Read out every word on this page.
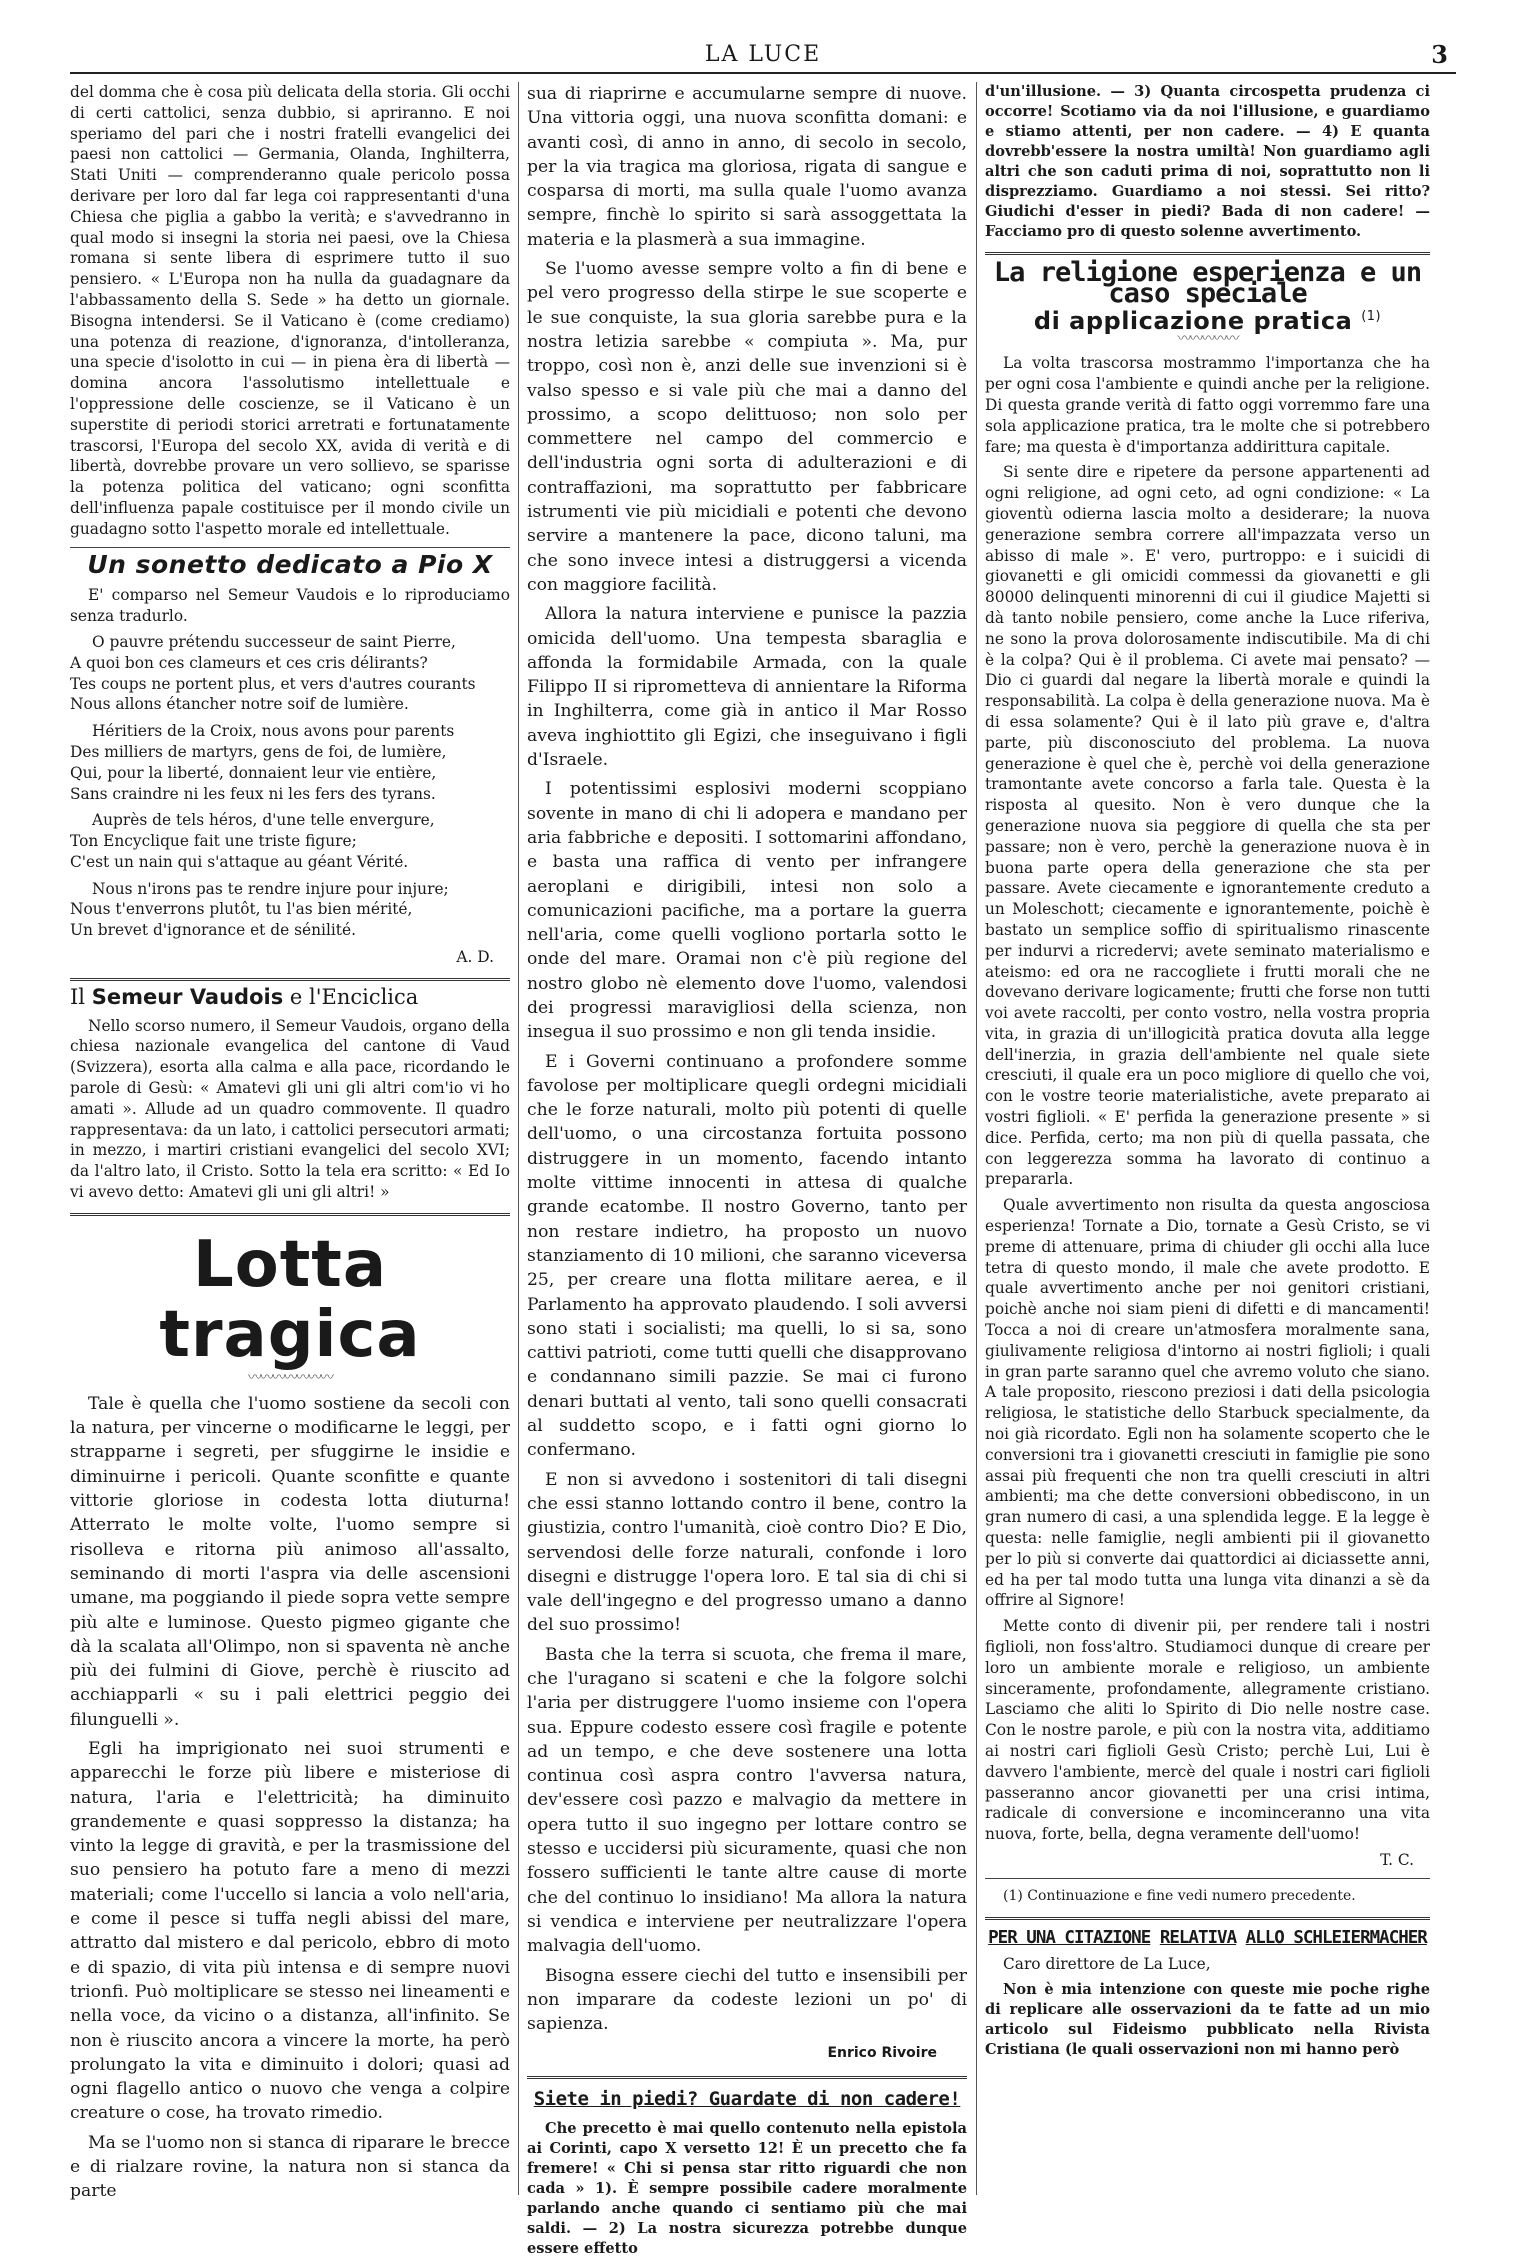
LA LUCE	3

del domma che è cosa più delicata della storia. Gli occhi di certi cattolici, senza dubbio, si apriranno. E noi speriamo del pari che i nostri fratelli evangelici dei paesi non cattolici — Germania, Olanda, Inghilterra, Stati Uniti — comprenderanno quale pericolo possa derivare per loro dal far lega coi rappresentanti d'una Chiesa che piglia a gabbo la verità; e s'avvedranno in qual modo si insegni la storia nei paesi, ove la Chiesa romana si sente libera di esprimere tutto il suo pensiero. « L'Europa non ha nulla da guadagnare da l'abbassamento della S. Sede » ha detto un giornale. Bisogna intendersi. Se il Vaticano è (come crediamo) una potenza di reazione, d'ignoranza, d'intolleranza, una specie d'isolotto in cui — in piena èra di libertà — domina ancora l'assolutismo intellettuale e l'oppressione delle coscienze, se il Vaticano è un superstite di periodi storici arretrati e fortunatamente trascorsi, l'Europa del secolo XX, avida di verità e di libertà, dovrebbe provare un vero sollievo, se sparisse la potenza politica del vaticano; ogni sconfitta dell'influenza papale costituisce per il mondo civile un guadagno sotto l'aspetto morale ed intellettuale.

Un sonetto dedicato a Pio X

E' comparso nel Semeur Vaudois e lo riproduciamo senza tradurlo.

O pauvre prétendu successeur de saint Pierre,
A quoi bon ces clameurs et ces cris délirants?
Tes coups ne portent plus, et vers d'autres courants
Nous allons étancher notre soif de lumière.
Héritiers de la Croix, nous avons pour parents
Des milliers de martyrs, gens de foi, de lumière,
Qui, pour la liberté, donnaient leur vie entière,
Sans craindre ni les feux ni les fers des tyrans.
Auprès de tels héros, d'une telle envergure,
Ton Encyclique fait une triste figure;
C'est un nain qui s'attaque au géant Vérité.
Nous n'irons pas te rendre injure pour injure;
Nous t'enverrons plutôt, tu l'as bien mérité,
Un brevet d'ignorance et de sénilité.

A. D.

Il Semeur Vaudois e l'Enciclica

Nello scorso numero, il Semeur Vaudois, organo della chiesa nazionale evangelica del cantone di Vaud (Svizzera), esorta alla calma e alla pace, ricordando le parole di Gesù: « Amatevi gli uni gli altri com'io vi ho amati ». Allude ad un quadro commovente. Il quadro rappresentava: da un lato, i cattolici persecutori armati; in mezzo, i martiri cristiani evangelici del secolo XVI; da l'altro lato, il Cristo. Sotto la tela era scritto: « Ed Io vi avevo detto: Amatevi gli uni gli altri! »

Lotta tragica
〰〰〰〰〰〰〰

Tale è quella che l'uomo sostiene da secoli con la natura, per vincerne o modificarne le leggi, per strapparne i segreti, per sfuggirne le insidie e diminuirne i pericoli. Quante sconfitte e quante vittorie gloriose in codesta lotta diuturna! Atterrato le molte volte, l'uomo sempre si risolleva e ritorna più animoso all'assalto, seminando di morti l'aspra via delle ascensioni umane, ma poggiando il piede sopra vette sempre più alte e luminose. Questo pigmeo gigante che dà la scalata all'Olimpo, non si spaventa nè anche più dei fulmini di Giove, perchè è riuscito ad acchiapparli « su i pali elettrici peggio dei filunguelli ».

Egli ha imprigionato nei suoi strumenti e apparecchi le forze più libere e misteriose di natura, l'aria e l'elettricità; ha diminuito grandemente e quasi soppresso la distanza; ha vinto la legge di gravità, e per la trasmissione del suo pensiero ha potuto fare a meno di mezzi materiali; come l'uccello si lancia a volo nell'aria, e come il pesce si tuffa negli abissi del mare, attratto dal mistero e dal pericolo, ebbro di moto e di spazio, di vita più intensa e di sempre nuovi trionfi. Può moltiplicare se stesso nei lineamenti e nella voce, da vicino o a distanza, all'infinito. Se non è riuscito ancora a vincere la morte, ha però prolungato la vita e diminuito i dolori; quasi ad ogni flagello antico o nuovo che venga a colpire creature o cose, ha trovato rimedio.

Ma se l'uomo non si stanca di riparare le brecce e di rialzare rovine, la natura non si stanca da parte

sua di riaprirne e accumularne sempre di nuove. Una vittoria oggi, una nuova sconfitta domani: e avanti così, di anno in anno, di secolo in secolo, per la via tragica ma gloriosa, rigata di sangue e cosparsa di morti, ma sulla quale l'uomo avanza sempre, finchè lo spirito si sarà assoggettata la materia e la plasmerà a sua immagine.

Se l'uomo avesse sempre volto a fin di bene e pel vero progresso della stirpe le sue scoperte e le sue conquiste, la sua gloria sarebbe pura e la nostra letizia sarebbe « compiuta ». Ma, pur troppo, così non è, anzi delle sue invenzioni si è valso spesso e si vale più che mai a danno del prossimo, a scopo delittuoso; non solo per commettere nel campo del commercio e dell'industria ogni sorta di adulterazioni e di contraffazioni, ma soprattutto per fabbricare istrumenti vie più micidiali e potenti che devono servire a mantenere la pace, dicono taluni, ma che sono invece intesi a distruggersi a vicenda con maggiore facilità.

Allora la natura interviene e punisce la pazzia omicida dell'uomo. Una tempesta sbaraglia e affonda la formidabile Armada, con la quale Filippo II si riprometteva di annientare la Riforma in Inghilterra, come già in antico il Mar Rosso aveva inghiottito gli Egizi, che inseguivano i figli d'Israele.

I potentissimi esplosivi moderni scoppiano sovente in mano di chi li adopera e mandano per aria fabbriche e depositi. I sottomarini affondano, e basta una raffica di vento per infrangere aeroplani e dirigibili, intesi non solo a comunicazioni pacifiche, ma a portare la guerra nell'aria, come quelli vogliono portarla sotto le onde del mare. Oramai non c'è più regione del nostro globo nè elemento dove l'uomo, valendosi dei progressi maravigliosi della scienza, non insegua il suo prossimo e non gli tenda insidie.

E i Governi continuano a profondere somme favolose per moltiplicare quegli ordegni micidiali che le forze naturali, molto più potenti di quelle dell'uomo, o una circostanza fortuita possono distruggere in un momento, facendo intanto molte vittime innocenti in attesa di qualche grande ecatombe. Il nostro Governo, tanto per non restare indietro, ha proposto un nuovo stanziamento di 10 milioni, che saranno viceversa 25, per creare una flotta militare aerea, e il Parlamento ha approvato plaudendo. I soli avversi sono stati i socialisti; ma quelli, lo si sa, sono cattivi patrioti, come tutti quelli che disapprovano e condannano simili pazzie. Se mai ci furono denari buttati al vento, tali sono quelli consacrati al suddetto scopo, e i fatti ogni giorno lo confermano.

E non si avvedono i sostenitori di tali disegni che essi stanno lottando contro il bene, contro la giustizia, contro l'umanità, cioè contro Dio? E Dio, servendosi delle forze naturali, confonde i loro disegni e distrugge l'opera loro. E tal sia di chi si vale dell'ingegno e del progresso umano a danno del suo prossimo!

Basta che la terra si scuota, che frema il mare, che l'uragano si scateni e che la folgore solchi l'aria per distruggere l'uomo insieme con l'opera sua. Eppure codesto essere così fragile e potente ad un tempo, e che deve sostenere una lotta continua così aspra contro l'avversa natura, dev'essere così pazzo e malvagio da mettere in opera tutto il suo ingegno per lottare contro se stesso e uccidersi più sicuramente, quasi che non fossero sufficienti le tante altre cause di morte che del continuo lo insidiano! Ma allora la natura si vendica e interviene per neutralizzare l'opera malvagia dell'uomo.

Bisogna essere ciechi del tutto e insensibili per non imparare da codeste lezioni un po' di sapienza.

Enrico Rivoire
Siete in piedi? Guardate di non cadere!

Che precetto è mai quello contenuto nella epistola ai Corinti, capo X versetto 12! È un precetto che fa fremere! « Chi si pensa star ritto riguardi che non cada » 1). È sempre possibile cadere moralmente parlando anche quando ci sentiamo più che mai saldi. — 2) La nostra sicurezza potrebbe dunque essere effetto

d'un'illusione. — 3) Quanta circospetta prudenza ci occorre! Scotiamo via da noi l'illusione, e guardiamo e stiamo attenti, per non cadere. — 4) E quanta dovrebb'essere la nostra umiltà! Non guardiamo agli altri che son caduti prima di noi, soprattutto non li disprezziamo. Guardiamo a noi stessi. Sei ritto? Giudichi d'esser in piedi? Bada di non cadere! — Facciamo pro di questo solenne avvertimento.

La religione esperienza e un caso speciale
di applicazione pratica $^{(1)}$
〰〰〰〰〰

La volta trascorsa mostrammo l'importanza che ha per ogni cosa l'ambiente e quindi anche per la religione. Di questa grande verità di fatto oggi vorremmo fare una sola applicazione pratica, tra le molte che si potrebbero fare; ma questa è d'importanza addirittura capitale.

Si sente dire e ripetere da persone appartenenti ad ogni religione, ad ogni ceto, ad ogni condizione: « La gioventù odierna lascia molto a desiderare; la nuova generazione sembra correre all'impazzata verso un abisso di male ». E' vero, purtroppo: e i suicidi di giovanetti e gli omicidi commessi da giovanetti e gli 80000 delinquenti minorenni di cui il giudice Majetti si dà tanto nobile pensiero, come anche la Luce riferiva, ne sono la prova dolorosamente indiscutibile. Ma di chi è la colpa? Qui è il problema. Ci avete mai pensato? — Dio ci guardi dal negare la libertà morale e quindi la responsabilità. La colpa è della generazione nuova. Ma è di essa solamente? Qui è il lato più grave e, d'altra parte, più disconosciuto del problema. La nuova generazione è quel che è, perchè voi della generazione tramontante avete concorso a farla tale. Questa è la risposta al quesito. Non è vero dunque che la generazione nuova sia peggiore di quella che sta per passare; non è vero, perchè la generazione nuova è in buona parte opera della generazione che sta per passare. Avete ciecamente e ignorantemente creduto a un Moleschott; ciecamente e ignorantemente, poichè è bastato un semplice soffio di spiritualismo rinascente per indurvi a ricredervi; avete seminato materialismo e ateismo: ed ora ne raccogliete i frutti morali che ne dovevano derivare logicamente; frutti che forse non tutti voi avete raccolti, per conto vostro, nella vostra propria vita, in grazia di un'illogicità pratica dovuta alla legge dell'inerzia, in grazia dell'ambiente nel quale siete cresciuti, il quale era un poco migliore di quello che voi, con le vostre teorie materialistiche, avete preparato ai vostri figlioli. « E' perfida la generazione presente » si dice. Perfida, certo; ma non più di quella passata, che con leggerezza somma ha lavorato di continuo a prepararla.

Quale avvertimento non risulta da questa angosciosa esperienza! Tornate a Dio, tornate a Gesù Cristo, se vi preme di attenuare, prima di chiuder gli occhi alla luce tetra di questo mondo, il male che avete prodotto. E quale avvertimento anche per noi genitori cristiani, poichè anche noi siam pieni di difetti e di mancamenti! Tocca a noi di creare un'atmosfera moralmente sana, giulivamente religiosa d'intorno ai nostri figlioli; i quali in gran parte saranno quel che avremo voluto che siano. A tale proposito, riescono preziosi i dati della psicologia religiosa, le statistiche dello Starbuck specialmente, da noi già ricordato. Egli non ha solamente scoperto che le conversioni tra i giovanetti cresciuti in famiglie pie sono assai più frequenti che non tra quelli cresciuti in altri ambienti; ma che dette conversioni obbediscono, in un gran numero di casi, a una splendida legge. E la legge è questa: nelle famiglie, negli ambienti pii il giovanetto per lo più si converte dai quattordici ai diciassette anni, ed ha per tal modo tutta una lunga vita dinanzi a sè da offrire al Signore!

Mette conto di divenir pii, per rendere tali i nostri figlioli, non foss'altro. Studiamoci dunque di creare per loro un ambiente morale e religioso, un ambiente sinceramente, profondamente, allegramente cristiano. Lasciamo che aliti lo Spirito di Dio nelle nostre case. Con le nostre parole, e più con la nostra vita, additiamo ai nostri cari figlioli Gesù Cristo; perchè Lui, Lui è davvero l'ambiente, mercè del quale i nostri cari figlioli passeranno ancor giovanetti per una crisi intima, radicale di conversione e incominceranno una vita nuova, forte, bella, degna veramente dell'uomo!

T. C.

(1) Continuazione e fine vedi numero precedente.

PER UNA CITAZIONE RELATIVA ALLO SCHLEIERMACHER

Caro direttore de La Luce,

Non è mia intenzione con queste mie poche righe di replicare alle osservazioni da te fatte ad un mio articolo sul Fideismo pubblicato nella Rivista Cristiana (le quali osservazioni non mi hanno però
